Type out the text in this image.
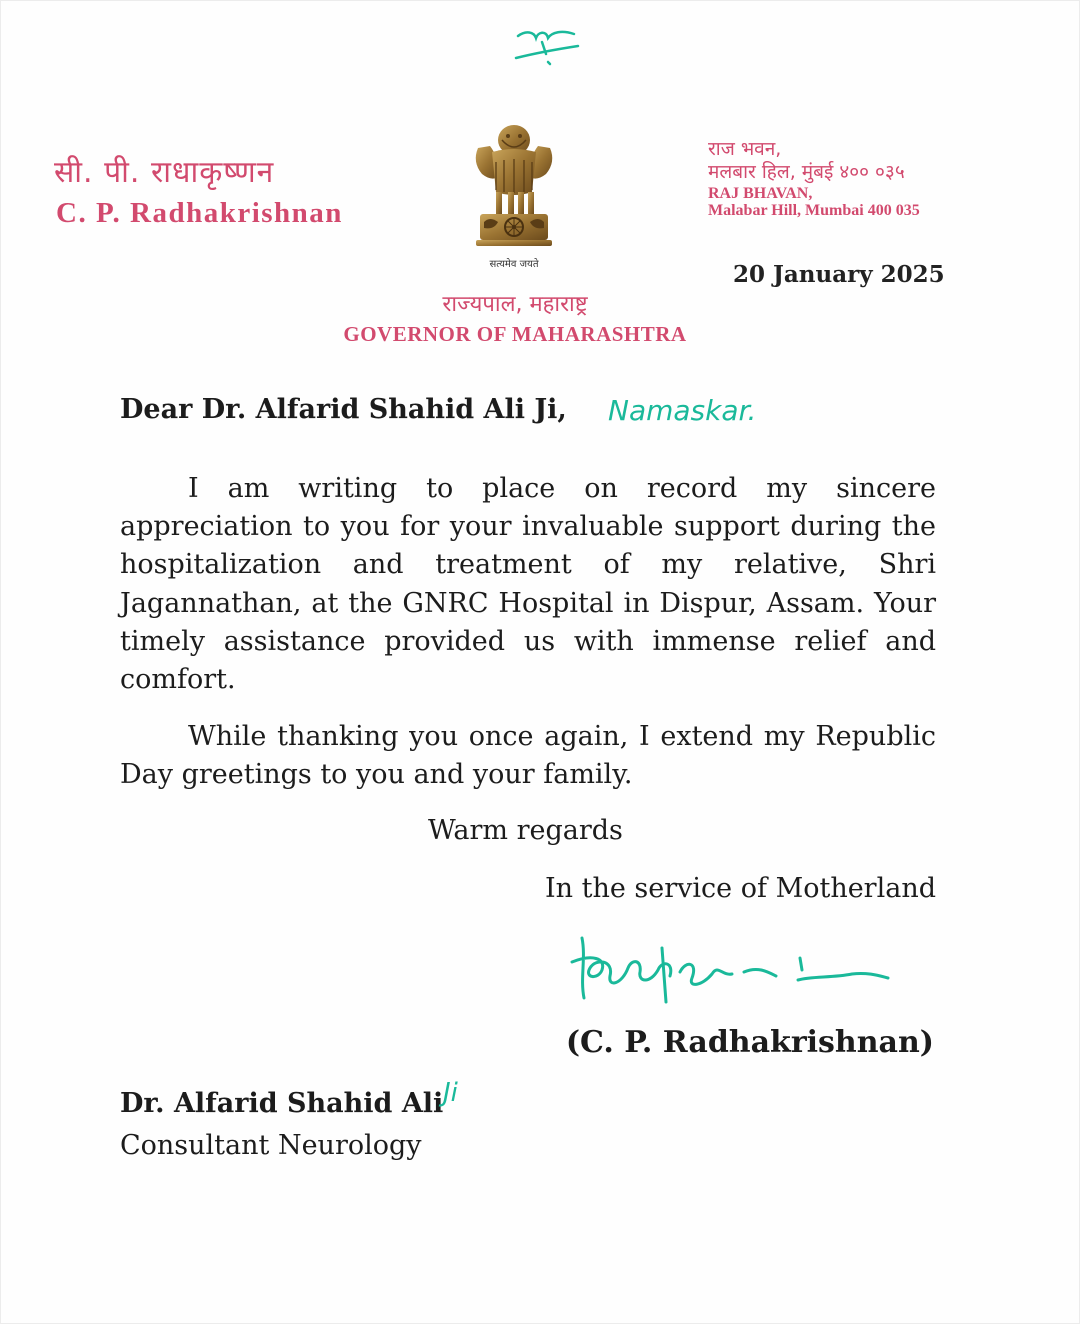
सी. पी. राधाकृष्णन
C. P. Radhakrishnan
सत्यमेव जयते
राज्यपाल, महाराष्ट्र
GOVERNOR OF MAHARASHTRA
राज भवन,
मलबार हिल, मुंबई ४०० ०३५
RAJ BHAVAN,
Malabar Hill, Mumbai 400 035
20 January 2025
Dear Dr. Alfarid Shahid Ali Ji, Namaskar.

I am writing to place on record my sincere appreciation to you for your invaluable support during the hospitalization and treatment of my relative, Shri Jagannathan, at the GNRC Hospital in Dispur, Assam. Your timely assistance provided us with immense relief and comfort.

While thanking you once again, I extend my Republic Day greetings to you and your family.

Warm regards
In the service of Motherland
(C. P. Radhakrishnan)
Dr. Alfarid Shahid Ali Ji
Consultant Neurology
